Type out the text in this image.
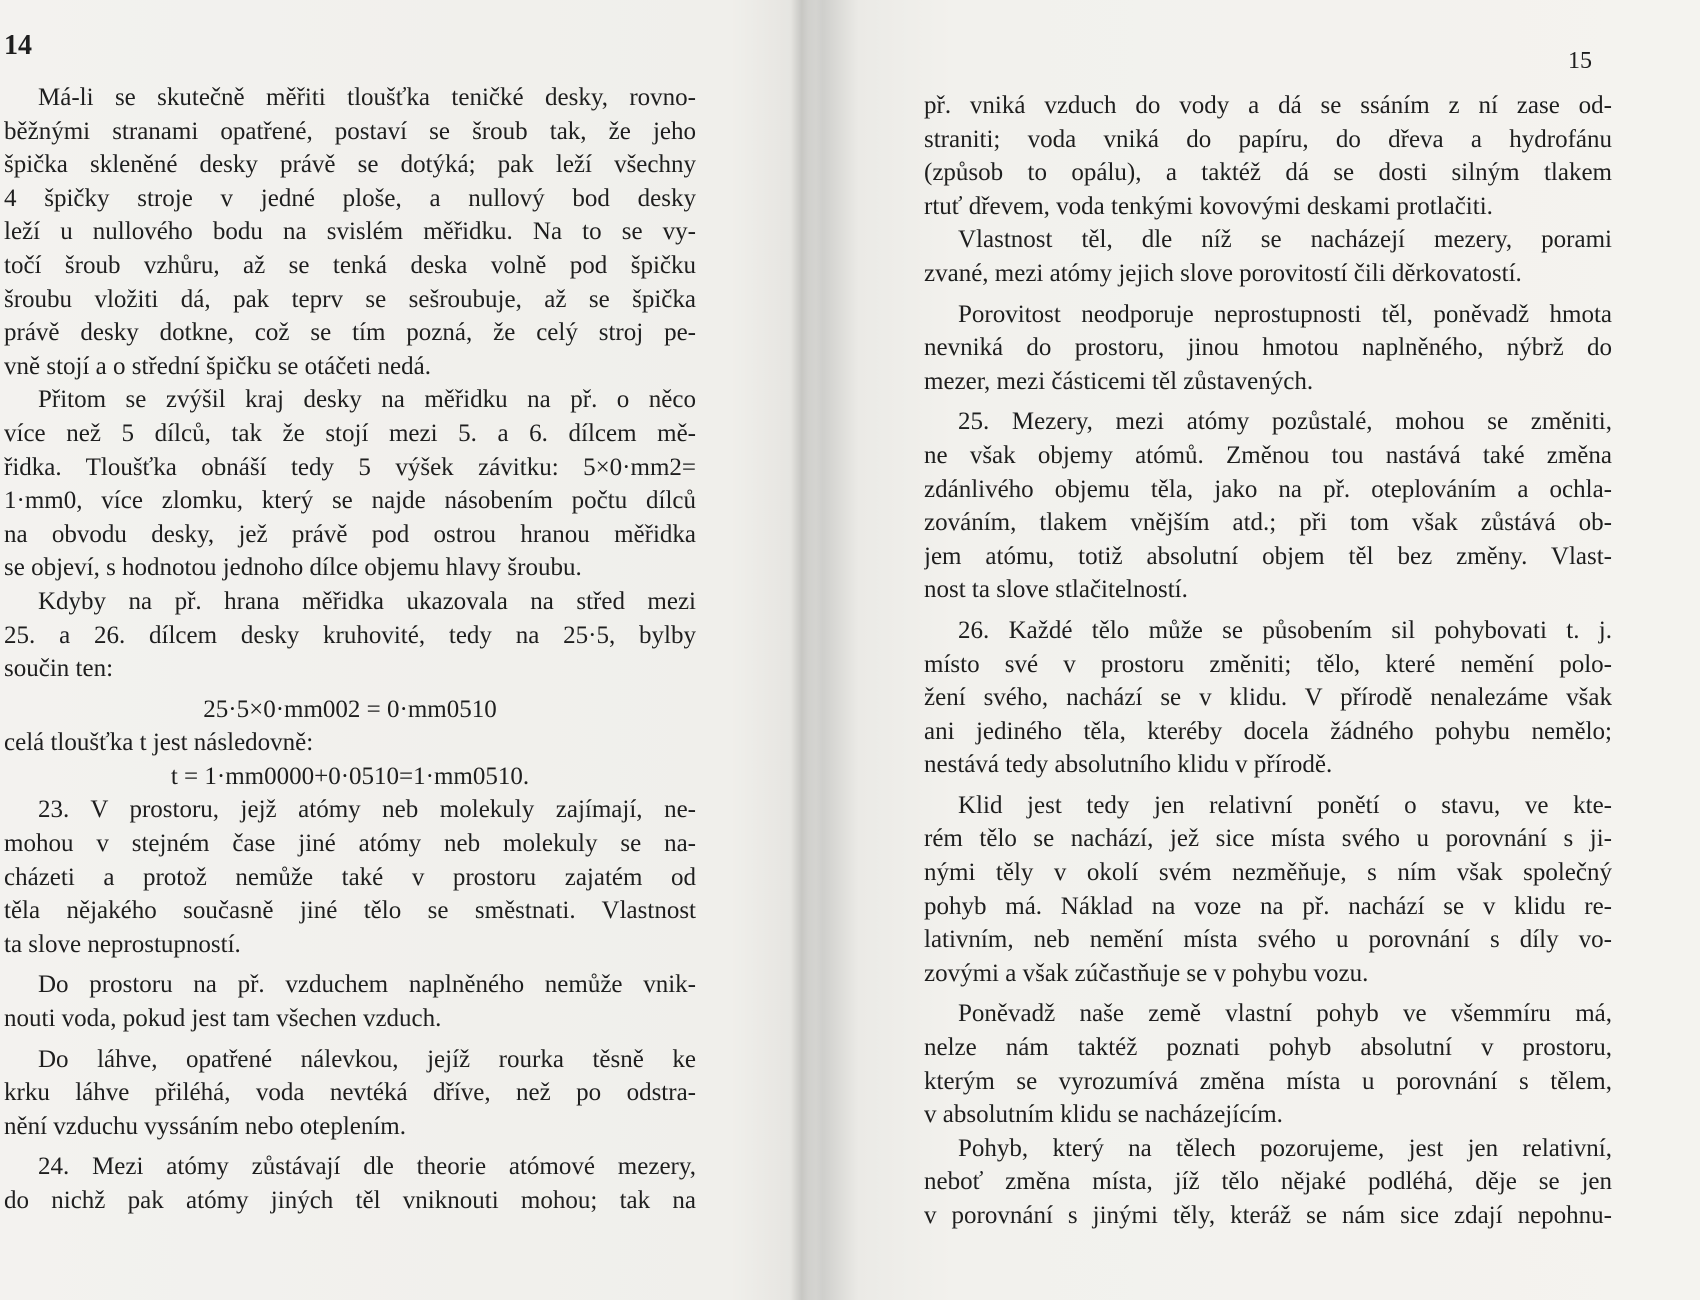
14
Má-li se skutečně měřiti tloušťka teničké desky, rovno-
běžnými stranami opatřené, postaví se šroub tak, že jeho
špička skleněné desky právě se dotýká; pak leží všechny
4 špičky stroje v jedné ploše, a nullový bod desky
leží u nullového bodu na svislém měřidku. Na to se vy-
točí šroub vzhůru, až se tenká deska volně pod špičku
šroubu vložiti dá, pak teprv se sešroubuje, až se špička
právě desky dotkne, což se tím pozná, že celý strој pe-
vně stojí a o střední špičku se otáčeti nedá.
Přitom se zvýšil kraj desky na měřidku na př. o něco
více než 5 dílců, tak že stojí mezi 5. a 6. dílcem mě-
řidka. Tloušťka obnáší tedy 5 výšek závitku: 5×0·mm2=
1·mm0, více zlomku, který se najde násobením počtu dílců
na obvodu desky, jež právě pod ostrou hranou měřidka
se objeví, s hodnotou jednoho dílce objemu hlavy šroubu.
Kdyby na př. hrana měřidka ukazovala na střed mezi
25. a 26. dílcem desky kruhovité, tedy na 25·5, bylby
součin ten:
25·5×0·mm002 = 0·mm0510
celá tloušťka t jest následovně:
t = 1·mm0000+0·0510=1·mm0510.
23. V prostoru, jejž atómy neb molekuly zajímají, ne-
mohou v stejném čase jiné atómy neb molekuly se na-
cházeti a protož nemůže také v prostoru zajatém od
těla nějakého současně jiné tělo se směstnati. Vlastnost
ta slove neprostupností.
Do prostoru na př. vzduchem naplněného nemůže vnik-
nouti voda, pokud jest tam všechen vzduch.
Do láhve, opatřené nálevkou, jejíž rourka těsně ke
krku láhve přiléhá, voda nevtéká dříve, než po odstra-
nění vzduchu vyssáním nebo oteplením.
24. Mezi atómy zůstávají dle theorie atómové mezery,
do nichž pak atómy jiných těl vniknouti mohou; tak na
15
př. vniká vzduch do vody a dá se ssáním z ní zase od-
straniti; voda vniká do papíru, do dřeva a hydrofánu
(způsob to opálu), a taktéž dá se dosti silným tlakem
rtuť dřevem, voda tenkými kovovými deskami protlačiti.
Vlastnost těl, dle níž se nacházejí mezery, porami
zvané, mezi atómy jejich slove porovitostí čili děrkovatostí.
Porovitost neodporuje neprostupnosti těl, poněvadž hmota
nevniká do prostoru, jinou hmotou naplněného, nýbrž do
mezer, mezi částicemi těl zůstavených.
25. Mezery, mezi atómy pozůstalé, mohou se změniti,
ne však objemy atómů. Změnou tou nastává také změna
zdánlivého objemu těla, jako na př. oteplováním a ochla-
zováním, tlakem vnějším atd.; při tom však zůstává ob-
jem atómu, totiž absolutní objem těl bez změny. Vlast-
nost ta slove stlačitelností.
26. Každé tělo může se působením sil pohybovati t. j.
místo své v prostoru změniti; tělo, které nemění polo-
žení svého, nachází se v klidu. V přírodě nenalezáme však
ani jediného těla, kteréby docela žádného pohybu nemělo;
nestává tedy absolutního klidu v přírodě.
Klid jest tedy jen relativní ponětí o stavu, ve kte-
rém tělo se nachází, jež sice místa svého u porovnání s ji-
nými těly v okolí svém nezměňuje, s ním však společný
pohyb má. Náklad na voze na př. nachází se v klidu re-
lativním, neb nemění místa svého u porovnání s díly vo-
zovými a však zúčastňuje se v pohybu vozu.
Poněvadž naše země vlastní pohyb ve všemmíru má,
nelze nám taktéž poznati pohyb absolutní v prostoru,
kterým se vyrozumívá změna místa u porovnání s tělem,
v absolutním klidu se nacházejícím.
Pohyb, který na tělech pozorujeme, jest jen relativní,
neboť změna místa, jíž tělo nějaké podléhá, děje se jen
v porovnání s jinými těly, kteráž se nám sice zdají nepohnu-
